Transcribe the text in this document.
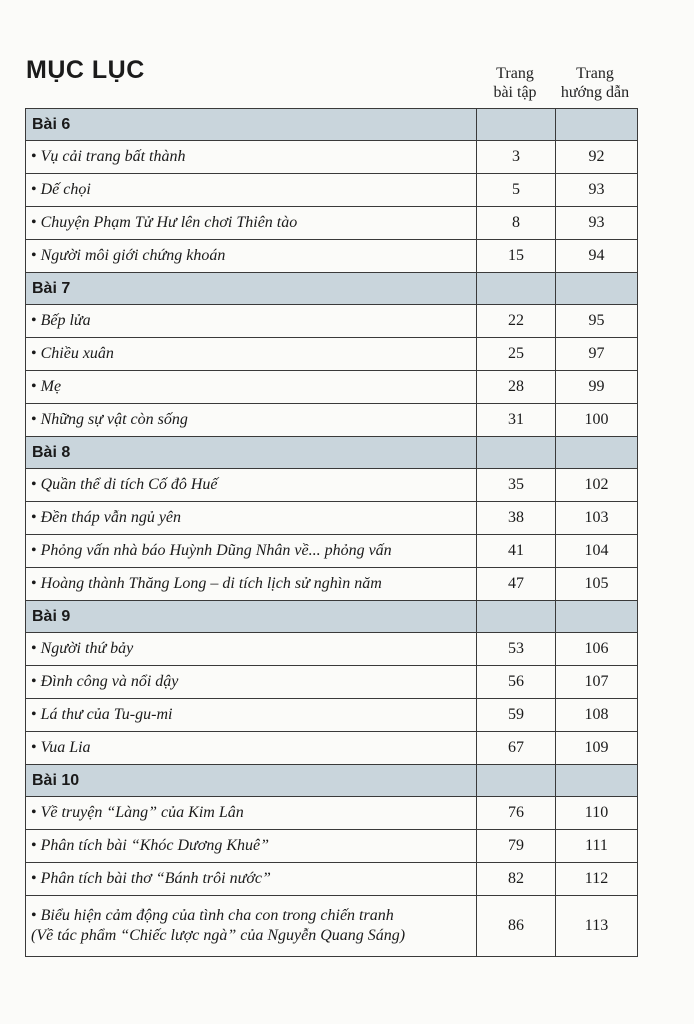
MỤC LỤC	Trang
bài tập
Trang
hướng dẫn
Bài 6		
• Vụ cải trang bất thành	3	92
• Dế chọi	5	93
• Chuyện Phạm Tử Hư lên chơi Thiên tào	8	93
• Người môi giới chứng khoán	15	94
Bài 7		
• Bếp lửa	22	95
• Chiều xuân	25	97
• Mẹ	28	99
• Những sự vật còn sống	31	100
Bài 8		
• Quần thể di tích Cố đô Huế	35	102
• Đền tháp vẫn ngủ yên	38	103
• Phỏng vấn nhà báo Huỳnh Dũng Nhân về... phỏng vấn	41	104
• Hoàng thành Thăng Long – di tích lịch sử nghìn năm	47	105
Bài 9		
• Người thứ bảy	53	106
• Đình công và nổi dậy	56	107
• Lá thư của Tu-gu-mi	59	108
• Vua Lia	67	109
Bài 10		
• Về truyện “Làng” của Kim Lân	76	110
• Phân tích bài “Khóc Dương Khuê”	79	111
• Phân tích bài thơ “Bánh trôi nước”	82	112

• Biểu hiện cảm động của tình cha con trong chiến tranh
(Về tác phẩm “Chiếc lược ngà” của Nguyễn Quang Sáng)	86	113
